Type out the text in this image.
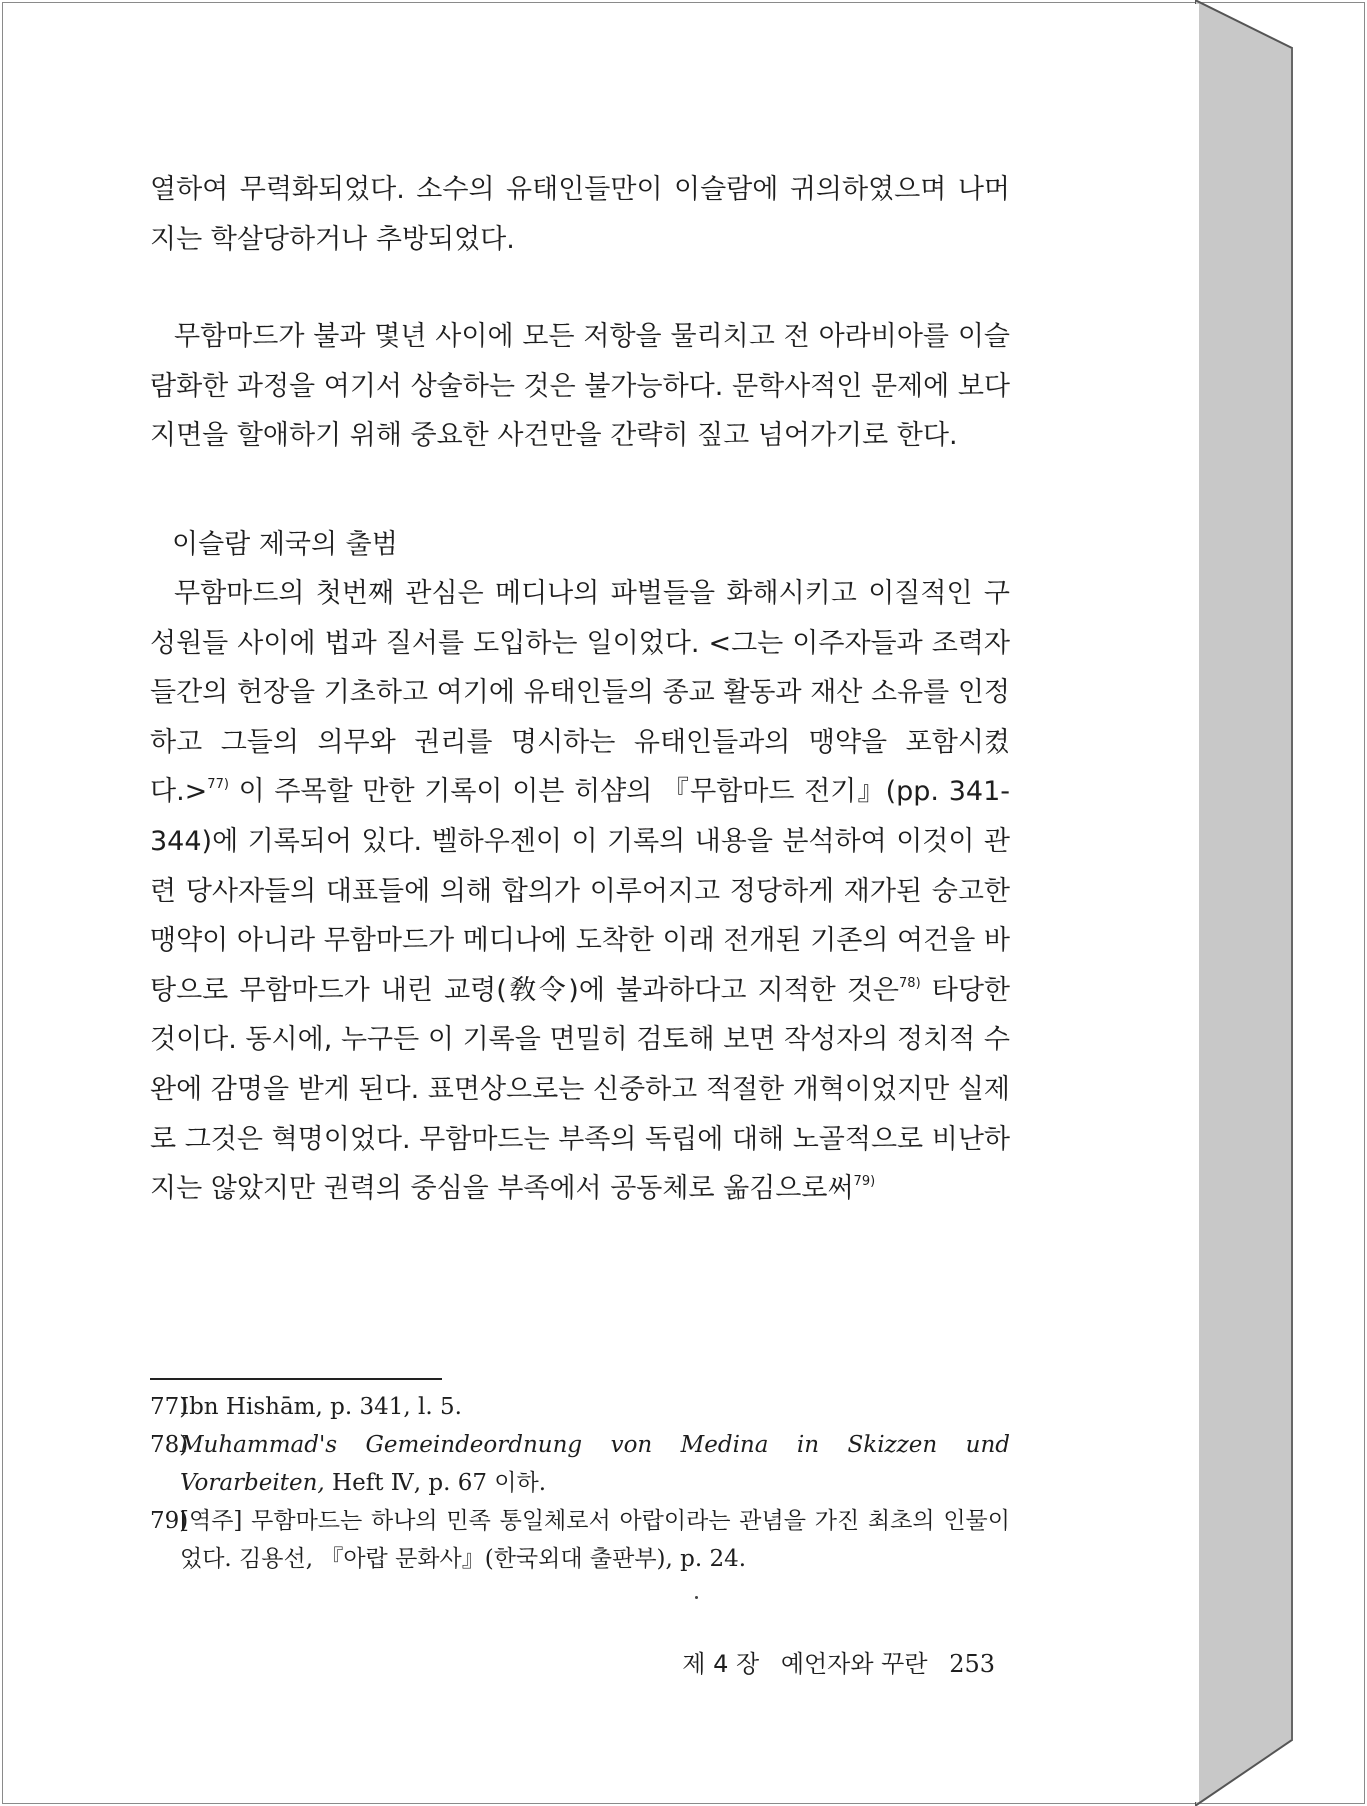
열하여 무력화되었다. 소수의 유태인들만이 이슬람에 귀의하였으며 나머지는 학살당하거나 추방되었다.

무함마드가 불과 몇년 사이에 모든 저항을 물리치고 전 아라비아를 이슬람화한 과정을 여기서 상술하는 것은 불가능하다. 문학사적인 문제에 보다 지면을 할애하기 위해 중요한 사건만을 간략히 짚고 넘어가기로 한다.

이슬람 제국의 출범

무함마드의 첫번째 관심은 메디나의 파벌들을 화해시키고 이질적인 구성원들 사이에 법과 질서를 도입하는 일이었다. <그는 이주자들과 조력자들간의 헌장을 기초하고 여기에 유태인들의 종교 활동과 재산 소유를 인정하고 그들의 의무와 권리를 명시하는 유태인들과의 맹약을 포함시켰다.>$^{77)}$ 이 주목할 만한 기록이 이븐 히샴의 『무함마드 전기』(pp. 341-344)에 기록되어 있다. 벨하우젠이 이 기록의 내용을 분석하여 이것이 관련 당사자들의 대표들에 의해 합의가 이루어지고 정당하게 재가된 숭고한 맹약이 아니라 무함마드가 메디나에 도착한 이래 전개된 기존의 여건을 바탕으로 무함마드가 내린 교령(敎令)에 불과하다고 지적한 것은$^{78)}$ 타당한 것이다. 동시에, 누구든 이 기록을 면밀히 검토해 보면 작성자의 정치적 수완에 감명을 받게 된다. 표면상으로는 신중하고 적절한 개혁이었지만 실제로 그것은 혁명이었다. 무함마드는 부족의 독립에 대해 노골적으로 비난하지는 않았지만 권력의 중심을 부족에서 공동체로 옮김으로써$^{79)}$

77)
Ibn Hishām, p. 341, l. 5.
78)
Muhammad's Gemeindeordnung von Medina in Skizzen und Vorarbeiten, Heft Ⅳ, p. 67 이하.
79)
[역주] 무함마드는 하나의 민족 통일체로서 아랍이라는 관념을 가진 최초의 인물이었다. 김용선, 『아랍 문화사』(한국외대 출판부), p. 24.
제 4 장 예언자와 꾸란 253
